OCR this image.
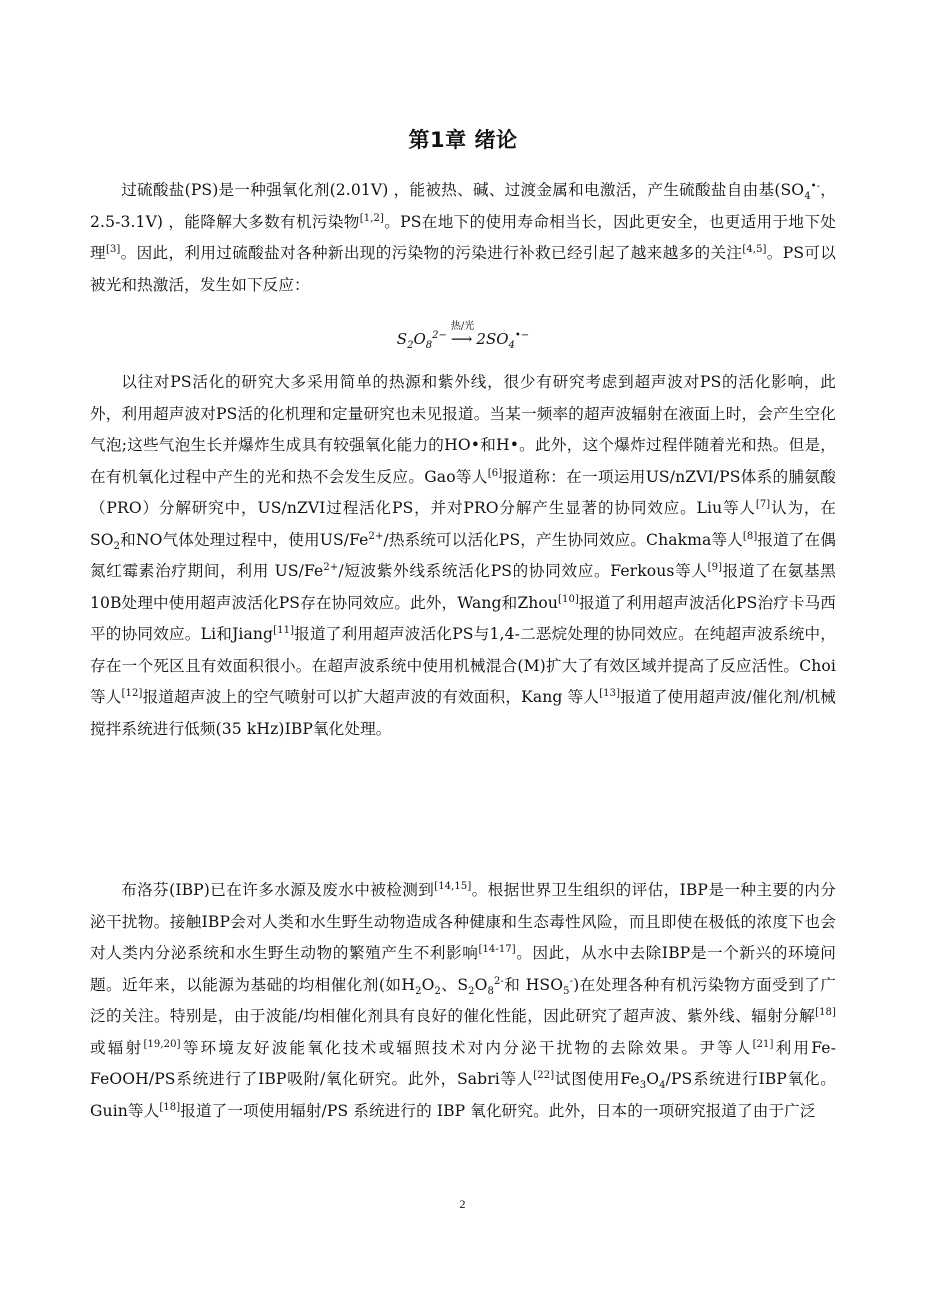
第1章 绪论
过硫酸盐(PS)是一种强氧化剂(2.01V) ，能被热、碱、过渡金属和电激活，产生硫酸盐自由基($SO_4^{•-}$，2.5-3.1V) ，能降解大多数有机污染物[1,2]。PS在地下的使用寿命相当长，因此更安全，也更适用于地下处理[3]。因此，利用过硫酸盐对各种新出现的污染物的污染进行补救已经引起了越来越多的关注[4,5]。PS可以被光和热激活，发生如下反应：
$S_2O_8^{2-}$
热/光
⟶ $2SO_4^{•-}$
以往对PS活化的研究大多采用简单的热源和紫外线，很少有研究考虑到超声波对PS的活化影响，此外，利用超声波对PS活的化机理和定量研究也未见报道。当某一频率的超声波辐射在液面上时，会产生空化气泡;这些气泡生长并爆炸生成具有较强氧化能力的HO•和H•。此外，这个爆炸过程伴随着光和热。但是，在有机氧化过程中产生的光和热不会发生反应。Gao等人[6]报道称：在一项运用US/nZVI/PS体系的脯氨酸（PRO）分解研究中，US/nZVI过程活化PS，并对PRO分解产生显著的协同效应。Liu等人[7]认为，在$SO_2$和NO气体处理过程中，使用$US/Fe^{2+}/$热系统可以活化PS，产生协同效应。Chakma等人[8]报道了在偶氮红霉素治疗期间，利用 $US/Fe^{2+}/$短波紫外线系统活化PS的协同效应。Ferkous等人[9]报道了在氨基黑10B处理中使用超声波活化PS存在协同效应。此外，Wang和Zhou[10]报道了利用超声波活化PS治疗卡马西平的协同效应。Li和Jiang[11]报道了利用超声波活化PS与1,4-二恶烷处理的协同效应。在纯超声波系统中，存在一个死区且有效面积很小。在超声波系统中使用机械混合(M)扩大了有效区域并提高了反应活性。Choi 等人[12]报道超声波上的空气喷射可以扩大超声波的有效面积，Kang 等人[13]报道了使用超声波/催化剂/机械搅拌系统进行低频(35 kHz)IBP氧化处理。
布洛芬(IBP)已在许多水源及废水中被检测到[14,15]。根据世界卫生组织的评估，IBP是一种主要的内分泌干扰物。接触IBP会对人类和水生野生动物造成各种健康和生态毒性风险，而且即使在极低的浓度下也会对人类内分泌系统和水生野生动物的繁殖产生不利影响[14-17]。因此，从水中去除IBP是一个新兴的环境问题。近年来，以能源为基础的均相催化剂(如$H_2O_2$、$S_2O_8^{2-}$和 $HSO_5^-$)在处理各种有机污染物方面受到了广泛的关注。特别是，由于波能/均相催化剂具有良好的催化性能，因此研究了超声波、紫外线、辐射分解[18]或辐射[19,20]等环境友好波能氧化技术或辐照技术对内分泌干扰物的去除效果。尹等人[21]利用Fe-FeOOH/PS系统进行了IBP吸附/氧化研究。此外，Sabri等人[22]试图使用$Fe_3O_4/PS$系统进行IBP氧化。Guin等人[18]报道了一项使用辐射/PS 系统进行的 IBP 氧化研究。此外，日本的一项研究报道了由于广泛
2
